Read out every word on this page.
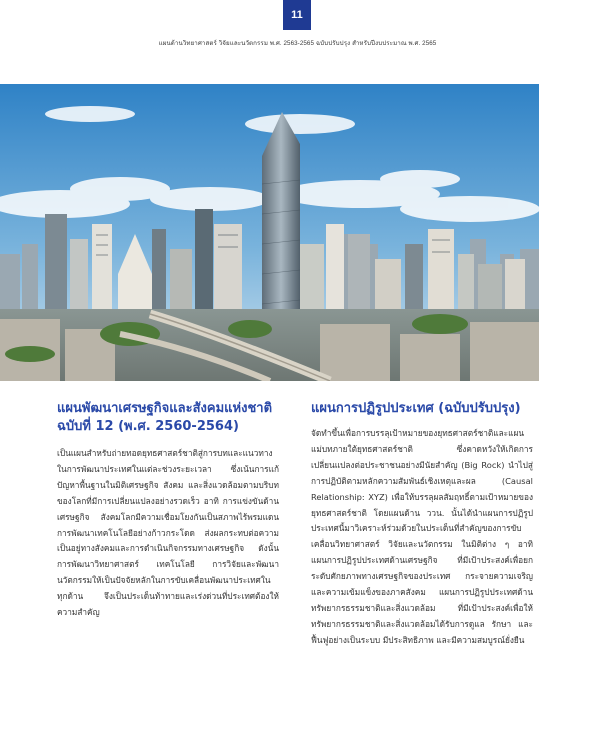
11
แผนด้านวิทยาศาสตร์ วิจัยและนวัตกรรม พ.ศ. 2563-2565 ฉบับปรับปรุง สำหรับปีงบประมาณ พ.ศ. 2565
แผนพัฒนาเศรษฐกิจและสังคมแห่งชาติ ฉบับที่ 12 (พ.ศ. 2560-2564)

เป็นแผนสำหรับถ่ายทอดยุทธศาสตร์ชาติสู่การบทและแนวทางในการพัฒนาประเทศในแต่ละช่วงระยะเวลา ซึ่งเน้นการแก้ปัญหาพื้นฐานในมิติเศรษฐกิจ สังคม และสิ่งแวดล้อมตามบริบทของโลกที่มีการเปลี่ยนแปลงอย่างรวดเร็ว อาทิ การแข่งขันด้านเศรษฐกิจ สังคมโลกมีความเชื่อมโยงกันเป็นสภาพไร้พรมแดน การพัฒนาเทคโนโลยีอย่างก้าวกระโดด ส่งผลกระทบต่อความเป็นอยู่ทางสังคมและการดำเนินกิจกรรมทางเศรษฐกิจ ดังนั้นการพัฒนาวิทยาศาสตร์ เทคโนโลยี การวิจัยและพัฒนานวัตกรรมให้เป็นปัจจัยหลักในการขับเคลื่อนพัฒนาประเทศในทุกด้าน จึงเป็นประเด็นท้าทายและเร่งด่วนที่ประเทศต้องให้ความสำคัญ

แผนการปฏิรูปประเทศ (ฉบับปรับปรุง)

จัดทำขึ้นเพื่อการบรรลุเป้าหมายของยุทธศาสตร์ชาติและแผนแม่บทภายใต้ยุทธศาสตร์ชาติ ซึ่งคาดหวังให้เกิดการเปลี่ยนแปลงต่อประชาชนอย่างมีนัยสำคัญ (Big Rock) นำไปสู่การปฏิบัติตามหลักความสัมพันธ์เชิงเหตุและผล (Causal Relationship: XYZ) เพื่อให้บรรลุผลสัมฤทธิ์ตามเป้าหมายของยุทธศาสตร์ชาติ โดยแผนด้าน ววน. นั้นได้นำแผนการปฏิรูปประเทศนี้มาวิเคราะห์ร่วมด้วยในประเด็นที่สำคัญของการขับเคลื่อนวิทยาศาสตร์ วิจัยและนวัตกรรม ในมิติต่าง ๆ อาทิ แผนการปฏิรูปประเทศด้านเศรษฐกิจ ที่มีเป้าประสงค์เพื่อยกระดับศักยภาพทางเศรษฐกิจของประเทศ กระจายความเจริญและความเข้มแข็งของภาคสังคม แผนการปฏิรูปประเทศด้านทรัพยากรธรรมชาติและสิ่งแวดล้อม ที่มีเป้าประสงค์เพื่อให้ทรัพยากรธรรมชาติและสิ่งแวดล้อมได้รับการดูแล รักษา และฟื้นฟูอย่างเป็นระบบ มีประสิทธิภาพ และมีความสมบูรณ์ยั่งยืน
